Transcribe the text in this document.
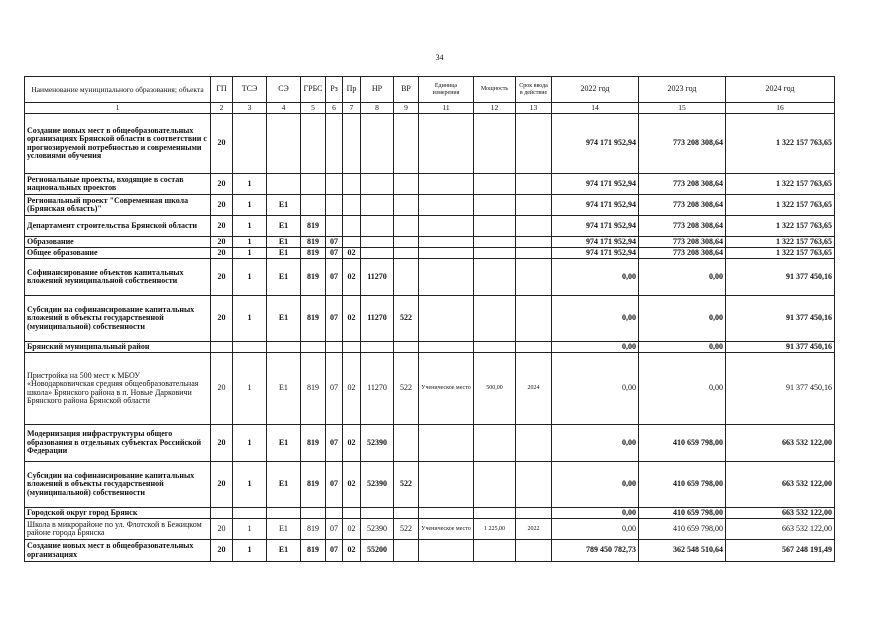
34
Наименование муниципального образования; объекта	ГП	ТСЭ	СЭ	ГРБС	Рз	Пр	НР	ВР	Единица измерения	Мощность	Срок ввода в действие	2022 год	2023 год	2024 год
1	2	3	4	5	6	7	8	9	11	12	13	14	15	16
Создание новых мест в общеобразовательных организациях Брянской области в соответствии с прогнозируемой потребностью и современными условиями обучения	20											974 171 952,94	773 208 308,64	1 322 157 763,65
Региональные проекты, входящие в состав национальных проектов	20	1										974 171 952,94	773 208 308,64	1 322 157 763,65
Региональный проект "Современная школа (Брянская область)"	20	1	E1									974 171 952,94	773 208 308,64	1 322 157 763,65
Департамент строительства Брянской области	20	1	E1	819								974 171 952,94	773 208 308,64	1 322 157 763,65
Образование	20	1	E1	819	07							974 171 952,94	773 208 308,64	1 322 157 763,65
Общее образование	20	1	E1	819	07	02						974 171 952,94	773 208 308,64	1 322 157 763,65
Софинансирование объектов капитальных вложений муниципальной собственности	20	1	E1	819	07	02	11270					0,00	0,00	91 377 450,16
Субсидии на софинансирование капитальных вложений в объекты государственной (муниципальной) собственности	20	1	E1	819	07	02	11270	522				0,00	0,00	91 377 450,16
Брянский муниципальный район												0,00	0,00	91 377 450,16
Пристройка на 500 мест к МБОУ «Новодарковичская средняя общеобразовательная школа» Брянского района в п. Новые Дарковичи Брянского района Брянской области	20	1	E1	819	07	02	11270	522	Ученическое место	500,00	2024	0,00	0,00	91 377 450,16
Модернизация инфраструктуры общего образования в отдельных субъектах Российской Федерации	20	1	E1	819	07	02	52390					0,00	410 659 798,00	663 532 122,00
Субсидии на софинансирование капитальных вложений в объекты государственной (муниципальной) собственности	20	1	E1	819	07	02	52390	522				0,00	410 659 798,00	663 532 122,00
Городской округ город Брянск												0,00	410 659 798,00	663 532 122,00
Школа в микрорайоне по ул. Флотской в Бежицком районе города Брянска	20	1	E1	819	07	02	52390	522	Ученическое место	1 225,00	2022	0,00	410 659 798,00	663 532 122,00
Создание новых мест в общеобразовательных организациях	20	1	E1	819	07	02	55200					789 450 782,73	362 548 510,64	567 248 191,49
